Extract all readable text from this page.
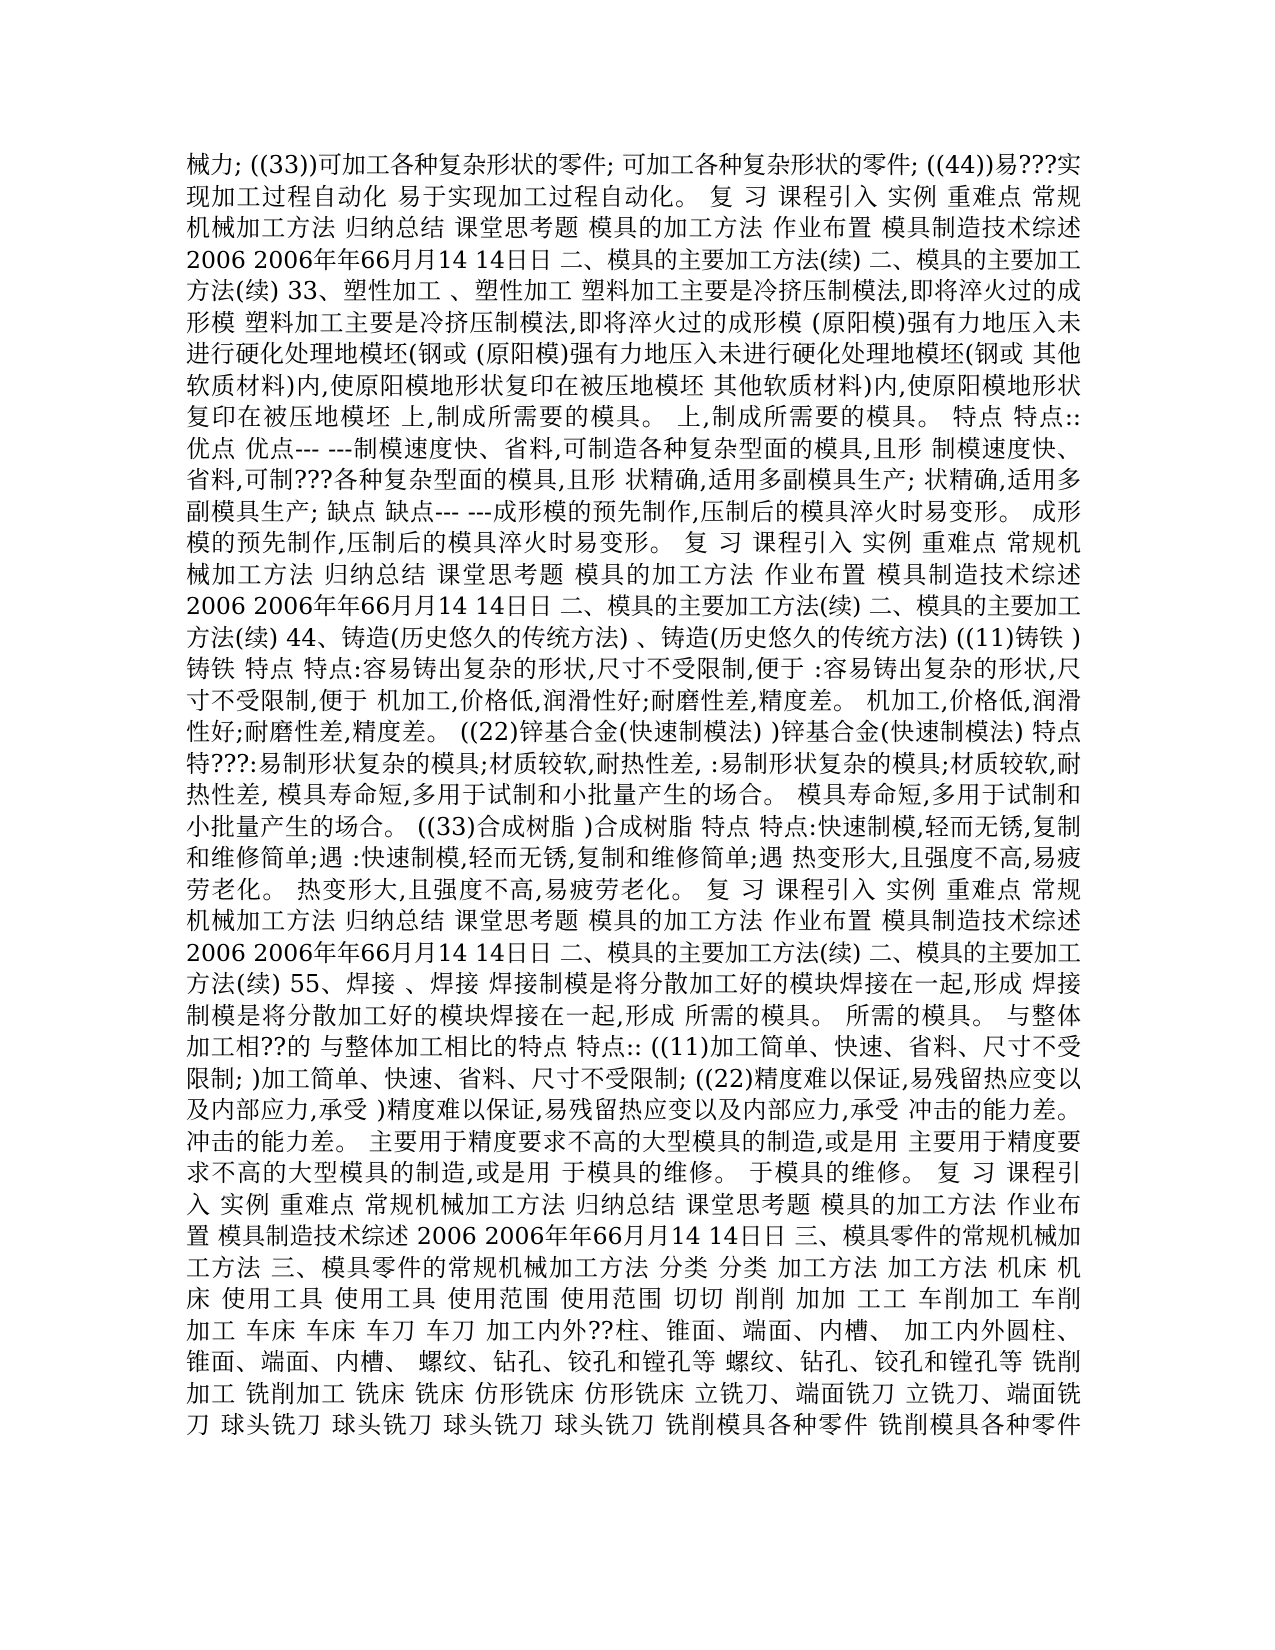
械力; ((33))可加工各种复杂形状的零件; 可加工各种复杂形状的零件; ((44))易???实
现加工过程自动化 易于实现加工过程自动化。 复 习 课程引入 实例 重难点 常规
机械加工方法 归纳总结 课堂思考题 模具的加工方法 作业布置 模具制造技术综述
2006 2006年年66月月14 14日日 二、模具的主要加工方法(续) 二、模具的主要加工
方法(续) 33、塑性加工 、塑性加工 塑料加工主要是冷挤压制模法,即将淬火过的成
形模 塑料加工主要是冷挤压制模法,即将淬火过的成形模 (原阳模)强有力地压入未
进行硬化处理地模坯(钢或 (原阳模)强有力地压入未进行硬化处理地模坯(钢或 其他
软质材料)内,使原阳模地形状复印在被压地模坯 其他软质材料)内,使原阳模地形状
复印在被压地模坯 上,制成所需要的模具。 上,制成所需要的模具。 特点 特点::
优点 优点--- ---制模速度快、省料,可制造各种复杂型面的模具,且形 制模速度快、
省料,可制???各种复杂型面的模具,且形 状精确,适用多副模具生产; 状精确,适用多
副模具生产; 缺点 缺点--- ---成形模的预先制作,压制后的模具淬火时易变形。 成形
模的预先制作,压制后的模具淬火时易变形。 复 习 课程引入 实例 重难点 常规机
械加工方法 归纳总结 课堂思考题 模具的加工方法 作业布置 模具制造技术综述
2006 2006年年66月月14 14日日 二、模具的主要加工方法(续) 二、模具的主要加工
方法(续) 44、铸造(历史悠久的传统方法) 、铸造(历史悠久的传统方法) ((11)铸铁 )
铸铁 特点 特点:容易铸出复杂的形状,尺寸不受限制,便于 :容易铸出复杂的形状,尺
寸不受限制,便于 机加工,价格低,润滑性好;耐磨性差,精度差。 机加工,价格低,润滑
性好;耐磨性差,精度差。 ((22)锌基合金(快速制模法) )锌基合金(快速制模法) 特点
特???:易制形状复杂的模具;材质较软,耐热性差, :易制形状复杂的模具;材质较软,耐
热性差, 模具寿命短,多用于试制和小批量产生的场合。 模具寿命短,多用于试制和
小批量产生的场合。 ((33)合成树脂 )合成树脂 特点 特点:快速制模,轻而无锈,复制
和维修简单;遇 :快速制模,轻而无锈,复制和维修简单;遇 热变形大,且强度不高,易疲
劳老化。 热变形大,且强度不高,易疲劳老化。 复 习 课程引入 实例 重难点 常规
机械加工方法 归纳总结 课堂思考题 模具的加工方法 作业布置 模具制造技术综述
2006 2006年年66月月14 14日日 二、模具的主要加工方法(续) 二、模具的主要加工
方法(续) 55、焊接 、焊接 焊接制模是将分散加工好的模块焊接在一起,形成 焊接
制模是将分散加工好的模块焊接在一起,形成 所需的模具。 所需的模具。 与整体
加工相??的 与整体加工相比的特点 特点:: ((11)加工简单、快速、省料、尺寸不受
限制; )加工简单、快速、省料、尺寸不受限制; ((22)精度难以保证,易残留热应变以
及内部应力,承受 )精度难以保证,易残留热应变以及内部应力,承受 冲击的能力差。
冲击的能力差。 主要用于精度要求不高的大型模具的制造,或是用 主要用于精度要
求不高的大型模具的制造,或是用 于模具的维修。 于模具的维修。 复 习 课程引
入 实例 重难点 常规机械加工方法 归纳总结 课堂思考题 模具的加工方法 作业布
置 模具制造技术综述 2006 2006年年66月月14 14日日 三、模具零件的常规机械加
工方法 三、模具零件的常规机械加工方法 分类 分类 加工方法 加工方法 机床 机
床 使用工具 使用工具 使用范围 使用范围 切切 削削 加加 工工 车削加工 车削
加工 车床 车床 车刀 车刀 加工内外??柱、锥面、端面、内槽、 加工内外圆柱、
锥面、端面、内槽、 螺纹、钻孔、铰孔和镗孔等 螺纹、钻孔、铰孔和镗孔等 铣削
加工 铣削加工 铣床 铣床 仿形铣床 仿形铣床 立铣刀、端面铣刀 立铣刀、端面铣
刀 球头铣刀 球头铣刀 球头铣刀 球头铣刀 铣削模具各种零件 铣削模具各种零件
